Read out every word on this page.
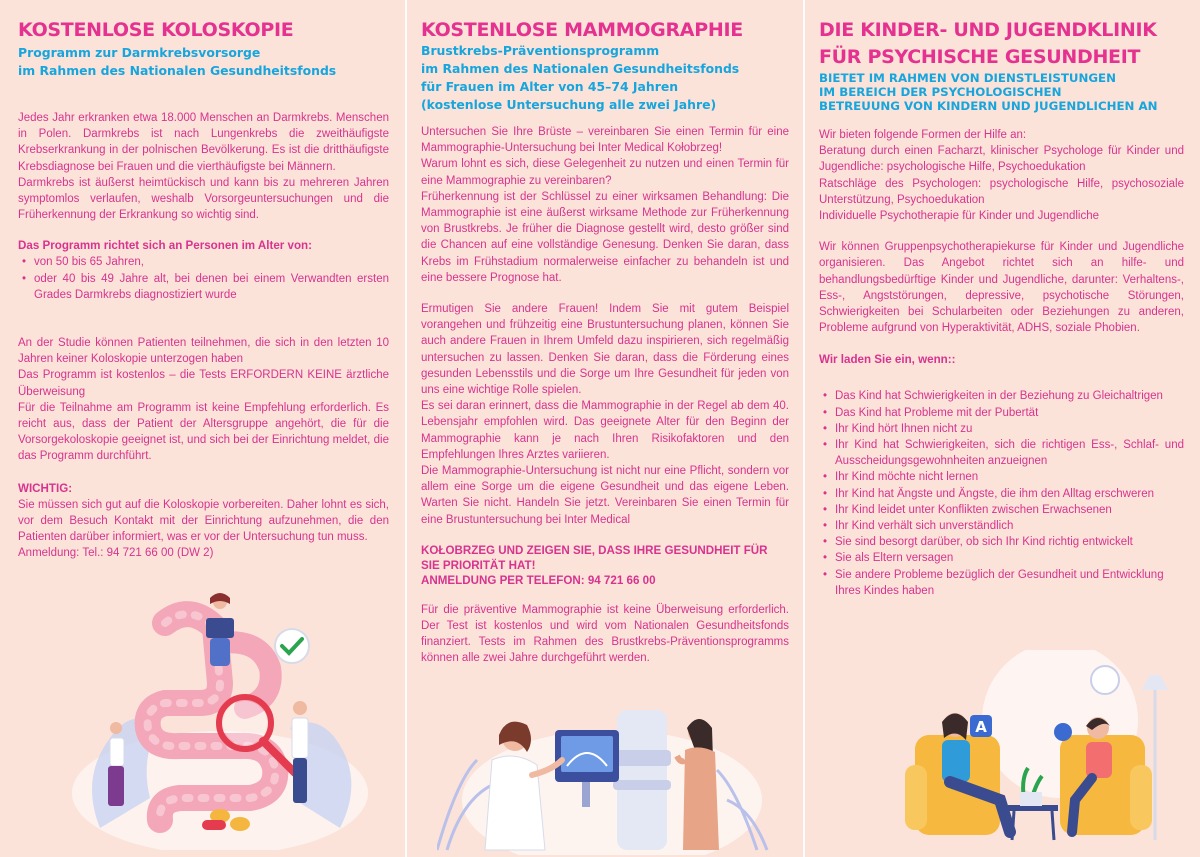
KOSTENLOSE KOLOSKOPIE
Programm zur Darmkrebsvorsorge
im Rahmen des Nationalen Gesundheitsfonds

Jedes Jahr erkranken etwa 18.000 Menschen an Darmkrebs. Menschen in Polen. Darmkrebs ist nach Lungenkrebs die zweithäufigste Krebserkrankung in der polnischen Bevölkerung. Es ist die dritthäufigste Krebsdiagnose bei Frauen und die vierthäufigste bei Männern.

Darmkrebs ist äußerst heimtückisch und kann bis zu mehreren Jahren symptomlos verlaufen, weshalb Vorsorgeuntersuchungen und die Früherkennung der Erkrankung so wichtig sind.

Das Programm richtet sich an Personen im Alter von:
• von 50 bis 65 Jahren,
• oder 40 bis 49 Jahre alt, bei denen bei einem Verwandten ersten Grades Darmkrebs diagnostiziert wurde

An der Studie können Patienten teilnehmen, die sich in den letzten 10 Jahren keiner Koloskopie unterzogen haben

Das Programm ist kostenlos – die Tests ERFORDERN KEINE ärztliche Überweisung

Für die Teilnahme am Programm ist keine Empfehlung erforderlich. Es reicht aus, dass der Patient der Altersgruppe angehört, die für die Vorsorgekoloskopie geeignet ist, und sich bei der Einrichtung meldet, die das Programm durchführt.

WICHTIG:

Sie müssen sich gut auf die Koloskopie vorbereiten. Daher lohnt es sich, vor dem Besuch Kontakt mit der Einrichtung aufzunehmen, die den Patienten darüber informiert, was er vor der Untersuchung tun muss.

Anmeldung: Tel.: 94 721 66 00 (DW 2)

KOSTENLOSE MAMMOGRAPHIE
Brustkrebs-Präventionsprogramm
im Rahmen des Nationalen Gesundheitsfonds
für Frauen im Alter von 45–74 Jahren
(kostenlose Untersuchung alle zwei Jahre)

Untersuchen Sie Ihre Brüste – vereinbaren Sie einen Termin für eine Mammographie-Untersuchung bei Inter Medical Kołobrzeg!

Warum lohnt es sich, diese Gelegenheit zu nutzen und einen Termin für eine Mammographie zu vereinbaren?

Früherkennung ist der Schlüssel zu einer wirksamen Behandlung: Die Mammographie ist eine äußerst wirksame Methode zur Früherkennung von Brustkrebs. Je früher die Diagnose gestellt wird, desto größer sind die Chancen auf eine vollständige Genesung. Denken Sie daran, dass Krebs im Frühstadium normalerweise einfacher zu behandeln ist und eine bessere Prognose hat.

Ermutigen Sie andere Frauen! Indem Sie mit gutem Beispiel vorangehen und frühzeitig eine Brustuntersuchung planen, können Sie auch andere Frauen in Ihrem Umfeld dazu inspirieren, sich regelmäßig untersuchen zu lassen. Denken Sie daran, dass die Förderung eines gesunden Lebensstils und die Sorge um Ihre Gesundheit für jeden von uns eine wichtige Rolle spielen.

Es sei daran erinnert, dass die Mammographie in der Regel ab dem 40. Lebensjahr empfohlen wird. Das geeignete Alter für den Beginn der Mammographie kann je nach Ihren Risikofaktoren und den Empfehlungen Ihres Arztes variieren.

Die Mammographie-Untersuchung ist nicht nur eine Pflicht, sondern vor allem eine Sorge um die eigene Gesundheit und das eigene Leben. Warten Sie nicht. Handeln Sie jetzt. Vereinbaren Sie einen Termin für eine Brustuntersuchung bei Inter Medical

KOŁOBRZEG UND ZEIGEN SIE, DASS IHRE GESUNDHEIT FÜR SIE PRIORITÄT HAT!
ANMELDUNG PER TELEFON: 94 721 66 00

Für die präventive Mammographie ist keine Überweisung erforderlich. Der Test ist kostenlos und wird vom Nationalen Gesundheitsfonds finanziert. Tests im Rahmen des Brustkrebs-Präventionsprogramms können alle zwei Jahre durchgeführt werden.

DIE KINDER- UND JUGENDKLINIK
FÜR PSYCHISCHE GESUNDHEIT
BIETET IM RAHMEN VON DIENSTLEISTUNGEN
IM BEREICH DER PSYCHOLOGISCHEN
BETREUUNG VON KINDERN UND JUGENDLICHEN AN

Wir bieten folgende Formen der Hilfe an:

Beratung durch einen Facharzt, klinischer Psychologe für Kinder und Jugendliche: psychologische Hilfe, Psychoedukation

Ratschläge des Psychologen: psychologische Hilfe, psychosoziale Unterstützung, Psychoedukation

Individuelle Psychotherapie für Kinder und Jugendliche

Wir können Gruppenpsychotherapiekurse für Kinder und Jugendliche organisieren. Das Angebot richtet sich an hilfe- und behandlungsbedürftige Kinder und Jugendliche, darunter: Verhaltens-, Ess-, Angststörungen, depressive, psychotische Störungen, Schwierigkeiten bei Schularbeiten oder Beziehungen zu anderen, Probleme aufgrund von Hyperaktivität, ADHS, soziale Phobien.

Wir laden Sie ein, wenn::
• Das Kind hat Schwierigkeiten in der Beziehung zu Gleichaltrigen
• Das Kind hat Probleme mit der Pubertät
• Ihr Kind hört Ihnen nicht zu
• Ihr Kind hat Schwierigkeiten, sich die richtigen Ess-, Schlaf- und Ausscheidungsgewohnheiten anzueignen
• Ihr Kind möchte nicht lernen
• Ihr Kind hat Ängste und Ängste, die ihm den Alltag erschweren
• Ihr Kind leidet unter Konflikten zwischen Erwachsenen
• Ihr Kind verhält sich unverständlich
• Sie sind besorgt darüber, ob sich Ihr Kind richtig entwickelt
• Sie als Eltern versagen
• Sie andere Probleme bezüglich der Gesundheit und Entwicklung Ihres Kindes haben
A
